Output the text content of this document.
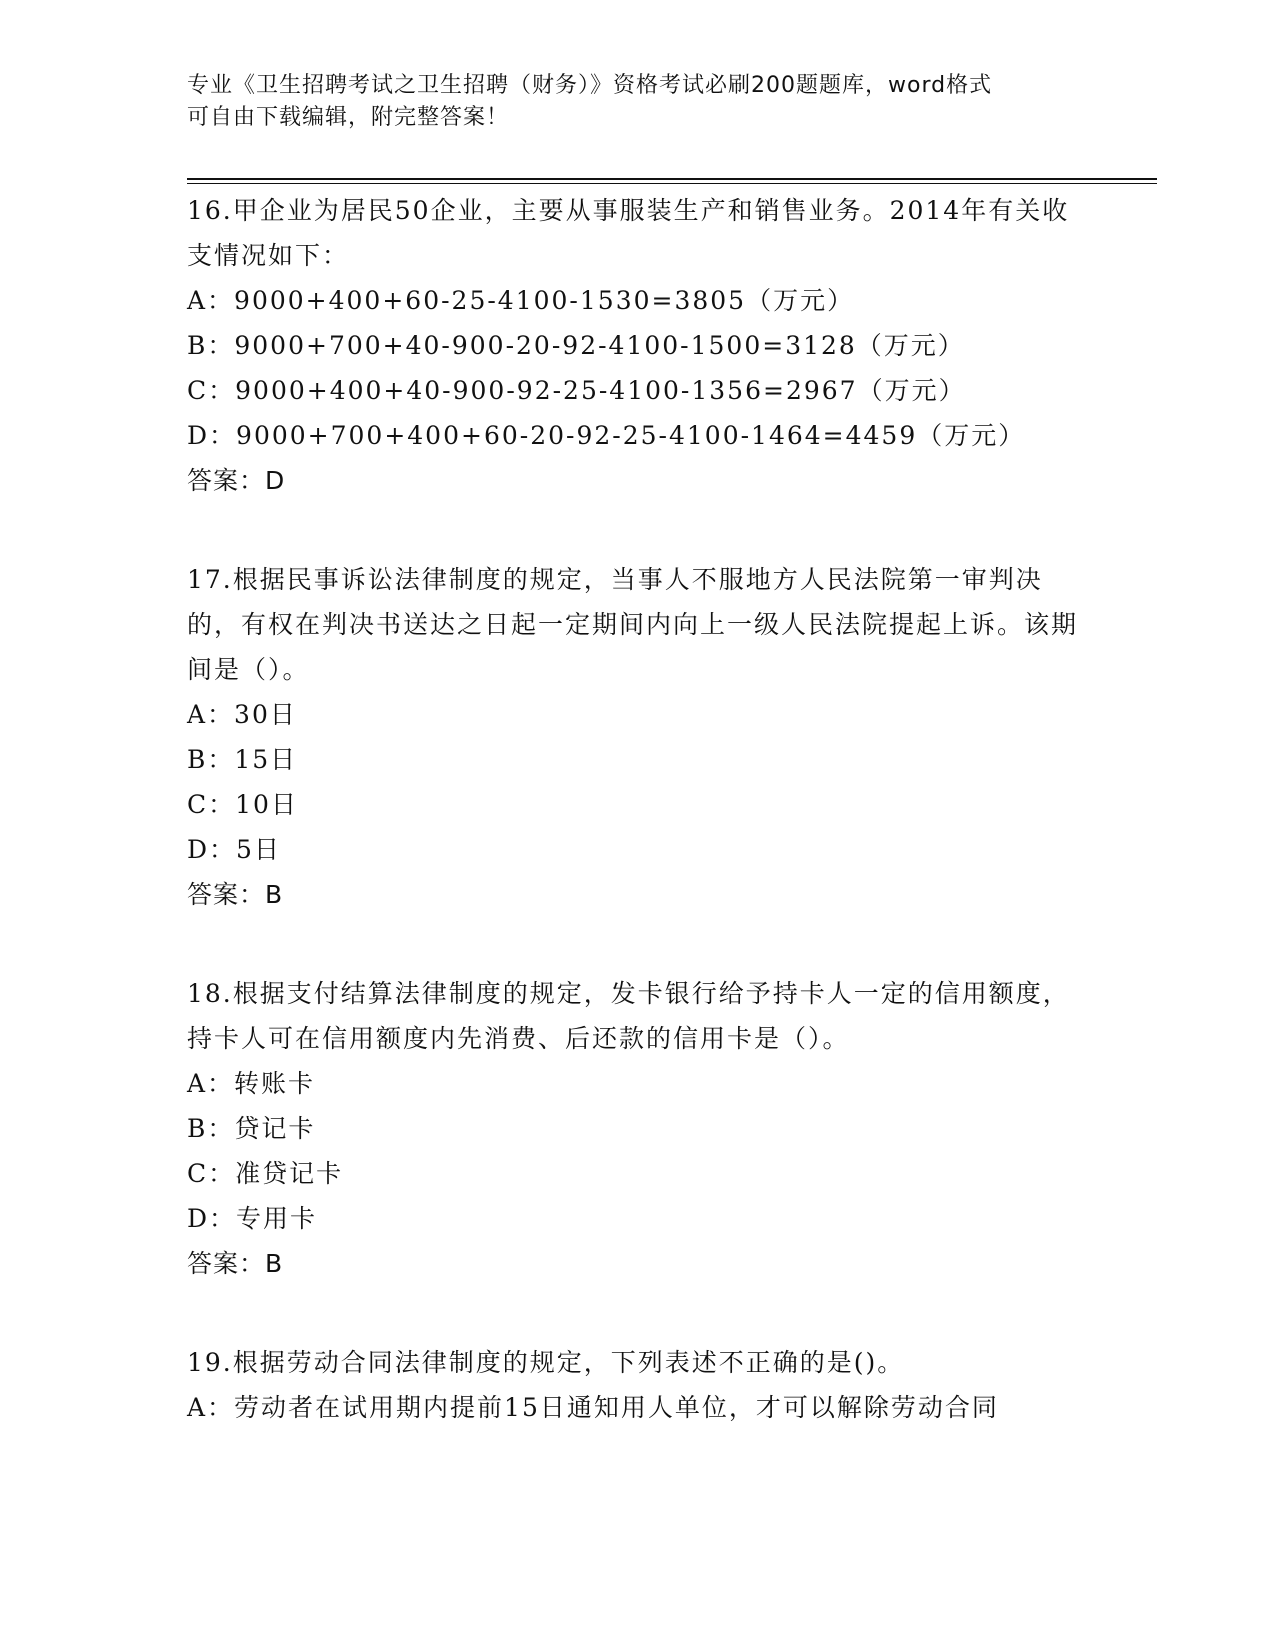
专业《卫生招聘考试之卫生招聘（财务）》资格考试必刷200题题库，word格式
可自由下载编辑，附完整答案！
16.甲企业为居民50企业，主要从事服装生产和销售业务。2014年有关收支情况如下：
A：9000+400+60-25-4100-1530=3805（万元）
B：9000+700+40-900-20-92-4100-1500=3128（万元）
C：9000+400+40-900-92-25-4100-1356=2967（万元）
D：9000+700+400+60-20-92-25-4100-1464=4459（万元）
答案：D
17.根据民事诉讼法律制度的规定，当事人不服地方人民法院第一审判决的，有权在判决书送达之日起一定期间内向上一级人民法院提起上诉。该期间是（）。
A：30日
B：15日
C：10日
D：5日
答案：B
18.根据支付结算法律制度的规定，发卡银行给予持卡人一定的信用额度，持卡人可在信用额度内先消费、后还款的信用卡是（）。
A：转账卡
B：贷记卡
C：准贷记卡
D：专用卡
答案：B
19.根据劳动合同法律制度的规定，下列表述不正确的是()。
A：劳动者在试用期内提前15日通知用人单位，才可以解除劳动合同
